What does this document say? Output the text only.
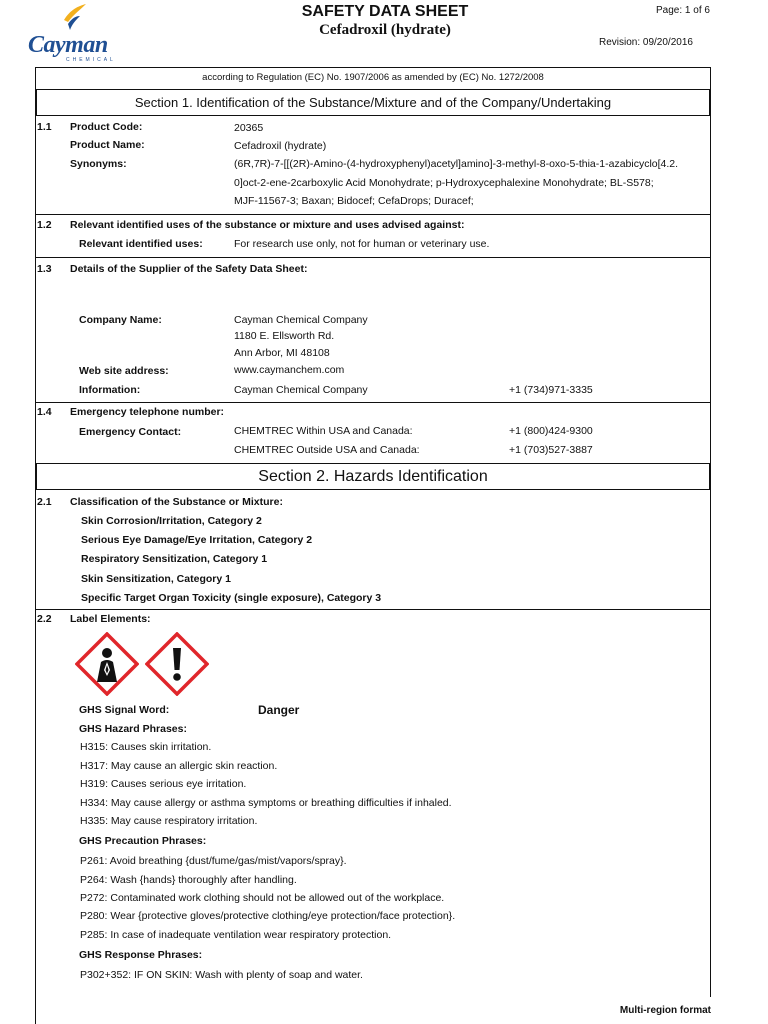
Cayman
CHEMICAL
SAFETY DATA SHEET
Cefadroxil (hydrate)
Page: 1 of 6
Revision: 09/20/2016
according to Regulation (EC) No. 1907/2006 as amended by (EC) No. 1272/2008
Section 1. Identification of the Substance/Mixture and of the Company/Undertaking
1.1 Product Code:	20365
Product Name:	Cefadroxil (hydrate)
Synonyms:	(6R,7R)-7-[[(2R)-Amino-(4-hydroxyphenyl)acetyl]amino]-3-methyl-8-oxo-5-thia-1-azabicyclo[4.2.
0]oct-2-ene-2carboxylic Acid Monohydrate; p-Hydroxycephalexine Monohydrate; BL-S578;
MJF-11567-3; Baxan; Bidocef; CefaDrops; Duracef;
1.2 Relevant identified uses of the substance or mixture and uses advised against:
Relevant identified uses:	For research use only, not for human or veterinary use.
1.3 Details of the Supplier of the Safety Data Sheet:
Company Name:	Cayman Chemical Company
1180 E. Ellsworth Rd.
Ann Arbor, MI 48108
Web site address:	www.caymanchem.com
Information:	Cayman Chemical Company	+1 (734)971-3335
1.4 Emergency telephone number:
Emergency Contact:	CHEMTREC Within USA and Canada:	+1 (800)424-9300
CHEMTREC Outside USA and Canada:	+1 (703)527-3887
Section 2. Hazards Identification
2.1 Classification of the Substance or Mixture:
Skin Corrosion/Irritation, Category 2
Serious Eye Damage/Eye Irritation, Category 2
Respiratory Sensitization, Category 1
Skin Sensitization, Category 1
Specific Target Organ Toxicity (single exposure), Category 3
2.2 Label Elements:
GHS Signal Word:	Danger
GHS Hazard Phrases:
H315: Causes skin irritation.
H317: May cause an allergic skin reaction.
H319: Causes serious eye irritation.
H334: May cause allergy or asthma symptoms or breathing difficulties if inhaled.
H335: May cause respiratory irritation.
GHS Precaution Phrases:
P261: Avoid breathing {dust/fume/gas/mist/vapors/spray}.
P264: Wash {hands} thoroughly after handling.
P272: Contaminated work clothing should not be allowed out of the workplace.
P280: Wear {protective gloves/protective clothing/eye protection/face protection}.
P285: In case of inadequate ventilation wear respiratory protection.
GHS Response Phrases:
P302+352: IF ON SKIN: Wash with plenty of soap and water.
Multi-region format
